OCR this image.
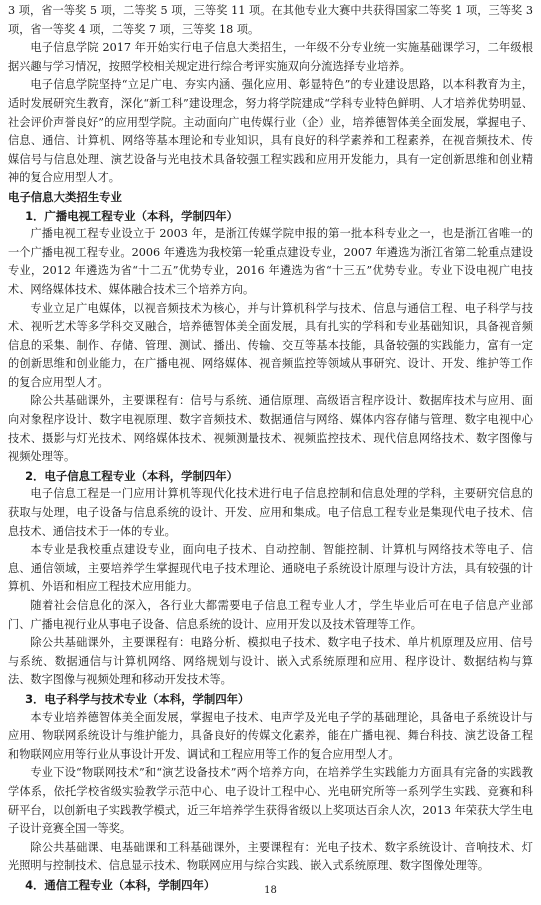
3 项，省一等奖 5 项，二等奖 5 项，三等奖 11 项。在其他专业大赛中共获得国家二等奖 1 项，三等奖 3 项，省一等奖 4 项，二等奖 7 项，三等奖 18 项。

电子信息学院 2017 年开始实行电子信息大类招生，一年级不分专业统一实施基础课学习，二年级根据兴趣与学习情况，按照学校相关规定进行综合考评实施双向分流选择专业培养。

电子信息学院坚持“立足广电、夯实内涵、强化应用、彰显特色”的专业建设思路，以本科教育为主，适时发展研究生教育，深化“新工科”建设理念，努力将学院建成“学科专业特色鲜明、人才培养优势明显、社会评价声誉良好”的应用型学院。主动面向广电传媒行业（企）业，培养德智体美全面发展，掌握电子、信息、通信、计算机、网络等基本理论和专业知识，具有良好的科学素养和工程素养，在视音频技术、传媒信号与信息处理、演艺设备与光电技术具备较强工程实践和应用开发能力，具有一定创新思维和创业精神的复合应用型人才。

电子信息大类招生专业

1．广播电视工程专业（本科，学制四年）

广播电视工程专业设立于 2003 年，是浙江传媒学院申报的第一批本科专业之一，也是浙江省唯一的一个广播电视工程专业。2006 年遴选为我校第一轮重点建设专业，2007 年遴选为浙江省第二轮重点建设专业，2012 年遴选为省“十二五”优势专业，2016 年遴选为省“十三五”优势专业。专业下设电视广电技术、网络媒体技术、媒体融合技术三个培养方向。

专业立足广电媒体，以视音频技术为核心，并与计算机科学与技术、信息与通信工程、电子科学与技术、视听艺术等多学科交叉融合，培养德智体美全面发展，具有扎实的学科和专业基础知识，具备视音频信息的采集、制作、存储、管理、测试、播出、传输、交互等基本技能，具备较强的实践能力，富有一定的创新思维和创业能力，在广播电视、网络媒体、视音频监控等领域从事研究、设计、开发、维护等工作的复合应用型人才。

除公共基础课外，主要课程有：信号与系统、通信原理、高级语言程序设计、数据库技术与应用、面向对象程序设计、数字电视原理、数字音频技术、数据通信与网络、媒体内容存储与管理、数字电视中心技术、摄影与灯光技术、网络媒体技术、视频测量技术、视频监控技术、现代信息网络技术、数字图像与视频处理等。

2．电子信息工程专业（本科，学制四年）

电子信息工程是一门应用计算机等现代化技术进行电子信息控制和信息处理的学科，主要研究信息的获取与处理，电子设备与信息系统的设计、开发、应用和集成。电子信息工程专业是集现代电子技术、信息技术、通信技术于一体的专业。

本专业是我校重点建设专业，面向电子技术、自动控制、智能控制、计算机与网络技术等电子、信息、通信领域，主要培养学生掌握现代电子技术理论、通晓电子系统设计原理与设计方法，具有较强的计算机、外语和相应工程技术应用能力。

随着社会信息化的深入，各行业大都需要电子信息工程专业人才，学生毕业后可在电子信息产业部门、广播电视行业从事电子设备、信息系统的设计、应用开发以及技术管理等工作。

除公共基础课外，主要课程有：电路分析、模拟电子技术、数字电子技术、单片机原理及应用、信号与系统、数据通信与计算机网络、网络规划与设计、嵌入式系统原理和应用、程序设计、数据结构与算法、数字图像与视频处理和移动开发技术等。

3．电子科学与技术专业（本科，学制四年）

本专业培养德智体美全面发展，掌握电子技术、电声学及光电子学的基础理论，具备电子系统设计与应用、物联网系统设计与维护能力，具备良好的传媒文化素养，能在广播电视、舞台科技、演艺设备工程和物联网应用等行业从事设计开发、调试和工程应用等工作的复合应用型人才。

专业下设“物联网技术”和“演艺设备技术”两个培养方向，在培养学生实践能力方面具有完备的实践教学体系，依托学校省级实验教学示范中心、电子设计工程中心、光电研究所等一系列学生实践、竞赛和科研平台，以创新电子实践教学模式，近三年培养学生获得省级以上奖项达百余人次，2013 年荣获大学生电子设计竞赛全国一等奖。

除公共基础课、电基础课和工科基础课外，主要课程有：光电子技术、数字系统设计、音响技术、灯光照明与控制技术、信息显示技术、物联网应用与综合实践、嵌入式系统原理、数字图像处理等。

4．通信工程专业（本科，学制四年）	18
